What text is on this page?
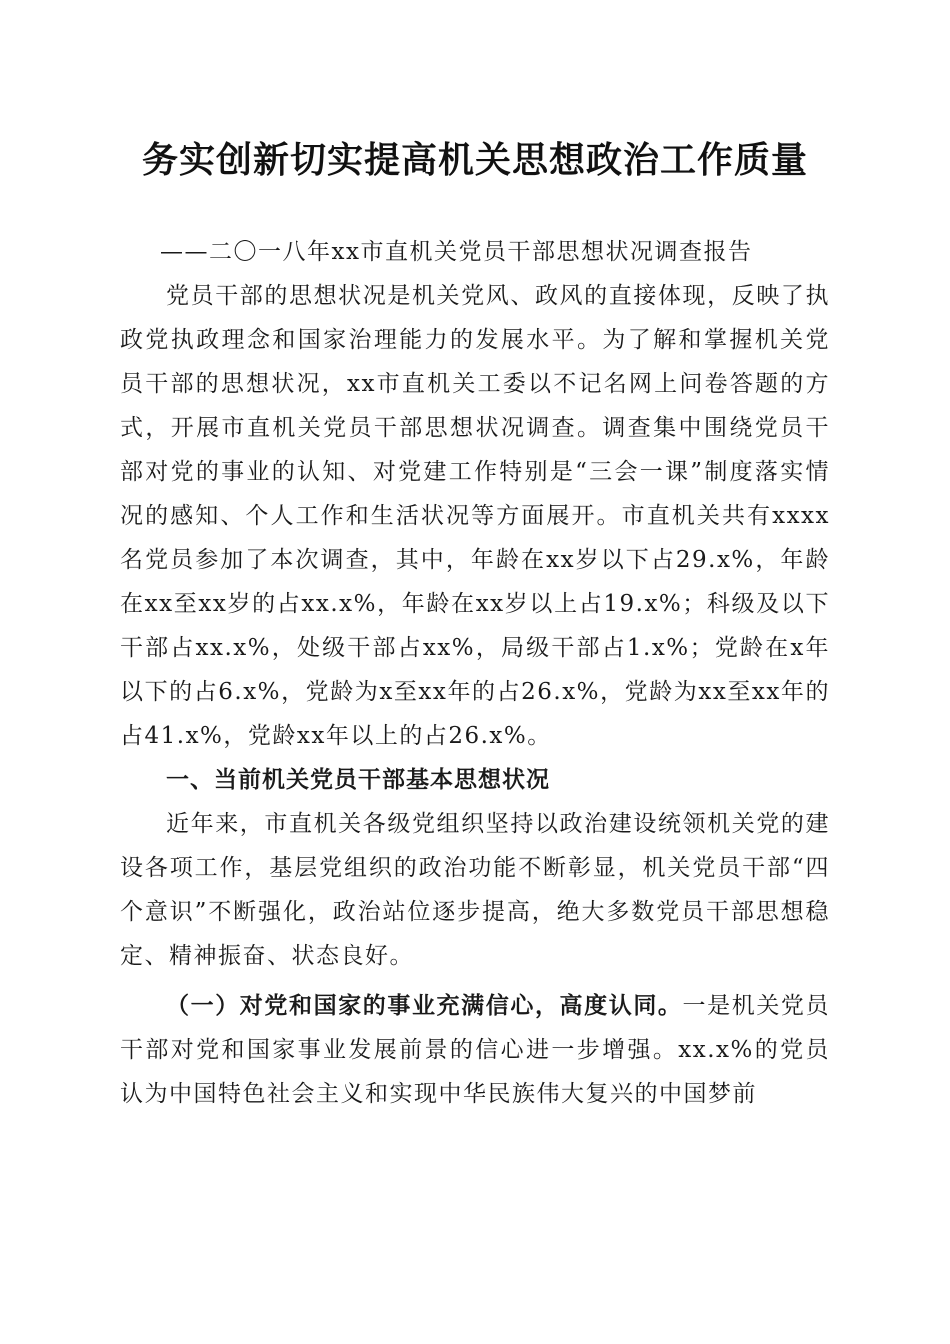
务实创新切实提高机关思想政治工作质量

——二〇一八年xx市直机关党员干部思想状况调查报告

党员干部的思想状况是机关党风、政风的直接体现，反映了执政党执政理念和国家治理能力的发展水平。为了解和掌握机关党员干部的思想状况，xx市直机关工委以不记名网上问卷答题的方式，开展市直机关党员干部思想状况调查。调查集中围绕党员干部对党的事业的认知、对党建工作特别是“三会一课”制度落实情况的感知、个人工作和生活状况等方面展开。市直机关共有xxxx名党员参加了本次调查，其中，年龄在xx岁以下占29.x%，年龄在xx至xx岁的占xx.x%，年龄在xx岁以上占19.x%；科级及以下干部占xx.x%，处级干部占xx%，局级干部占1.x%；党龄在x年以下的占6.x%，党龄为x至xx年的占26.x%，党龄为xx至xx年的占41.x%，党龄xx年以上的占26.x%。

一、当前机关党员干部基本思想状况

近年来，市直机关各级党组织坚持以政治建设统领机关党的建设各项工作，基层党组织的政治功能不断彰显，机关党员干部“四个意识”不断强化，政治站位逐步提高，绝大多数党员干部思想稳定、精神振奋、状态良好。

（一）对党和国家的事业充满信心，高度认同。一是机关党员干部对党和国家事业发展前景的信心进一步增强。xx.x%的党员认为中国特色社会主义和实现中华民族伟大复兴的中国梦前
